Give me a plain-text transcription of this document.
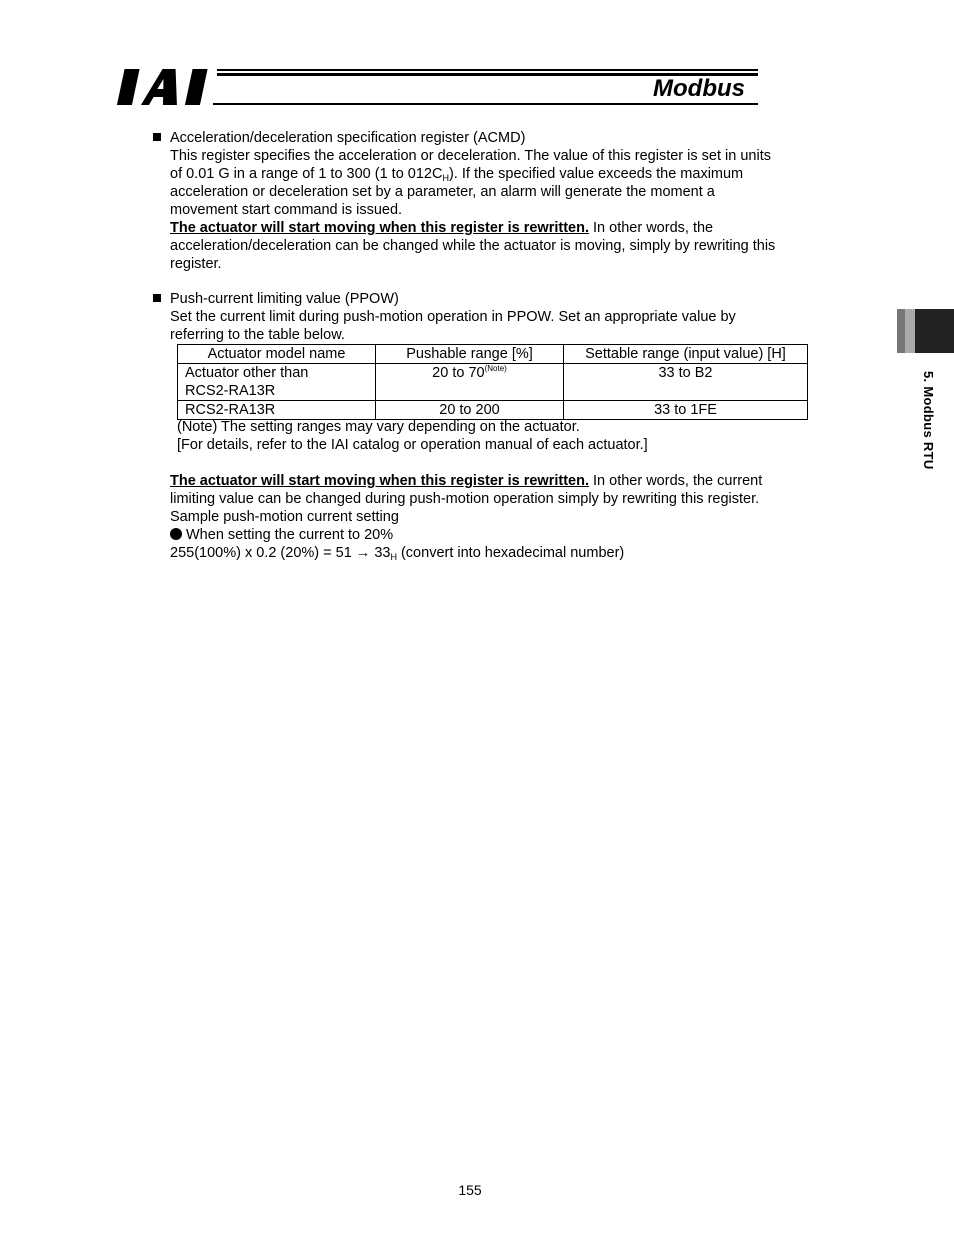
Modbus
5. Modbus RTU
Acceleration/deceleration specification register (ACMD)

This register specifies the acceleration or deceleration. The value of this register is set in units

of 0.01 G in a range of 1 to 300 (1 to $012C_H$). If the specified value exceeds the maximum

acceleration or deceleration set by a parameter, an alarm will generate the moment a

movement start command is issued.

The actuator will start moving when this register is rewritten. In other words, the

acceleration/deceleration can be changed while the actuator is moving, simply by rewriting this

register.

Push-current limiting value (PPOW)

Set the current limit during push-motion operation in PPOW. Set an appropriate value by

referring to the table below.

Actuator model name	Pushable range [%]	Settable range (input value) [H]
Actuator other than
RCS2-RA13R	20 to $70^{(Note)}$	33 to B2
RCS2-RA13R	20 to 200	33 to 1FE

(Note) The setting ranges may vary depending on the actuator.

[For details, refer to the IAI catalog or operation manual of each actuator.]

The actuator will start moving when this register is rewritten. In other words, the current

limiting value can be changed during push-motion operation simply by rewriting this register.

Sample push-motion current setting

When setting the current to 20%

255(100%) x 0.2 $(20\%) = 51 \to 33_H$ (convert into hexadecimal number)

155
